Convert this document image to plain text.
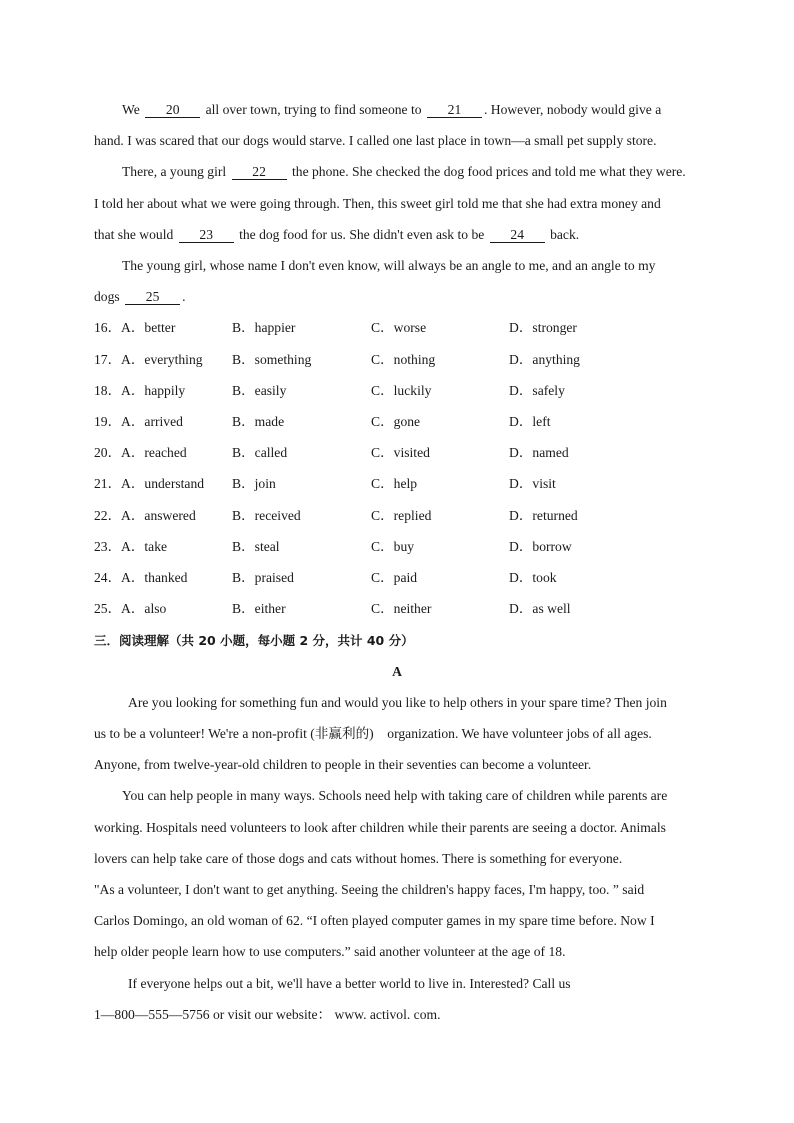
We 20 all over town, trying to find someone to 21 . However, nobody would give a
hand. I was scared that our dogs would starve. I called one last place in town—a small pet supply store.
There, a young girl 22 the phone. She checked the dog food prices and told me what they were.
I told her about what we were going through. Then, this sweet girl told me that she had extra money and
that she would 23 the dog food for us. She didn't even ask to be 24 back.
The young girl, whose name I don't even know, will always be an angle to me, and an angle to my
dogs 25 .
16． A．better	B．happier	C．worse	D．stronger
17． A．everything B．something	C．nothing	D．anything
18． A．happily	B．easily	C．luckily	D．safely
19． A．arrived	B．made	C．gone	D．left
20． A．reached	B．called	C．visited	D．named
21． A．understand B．join	C．help	D．visit
22． A．answered	B．received	C．replied	D．returned
23． A．take	B．steal	C．buy	D．borrow
24． A．thanked	B．praised	C．paid	D．took
25． A．also	B．either	C．neither	D．as well
三．阅读理解（共 20 小题，每小题 2 分，共计 40 分）
A
Are you looking for something fun and would you like to help others in your spare time? Then join
us to be a volunteer! We're a non-profit (非赢利的)　organization. We have volunteer jobs of all ages.
Anyone, from twelve-year-old children to people in their seventies can become a volunteer.
You can help people in many ways. Schools need help with taking care of children while parents are
working. Hospitals need volunteers to look after children while their parents are seeing a doctor. Animals
lovers can help take care of those dogs and cats without homes. There is something for everyone.
"As a volunteer, I don't want to get anything. Seeing the children's happy faces, I'm happy, too. ” said
Carlos Domingo, an old woman of 62. “I often played computer games in my spare time before. Now I
help older people learn how to use computers.” said another volunteer at the age of 18.
If everyone helps out a bit, we'll have a better world to live in. Interested? Call us
1—800—555—5756 or visit our website： www. activol. com.
